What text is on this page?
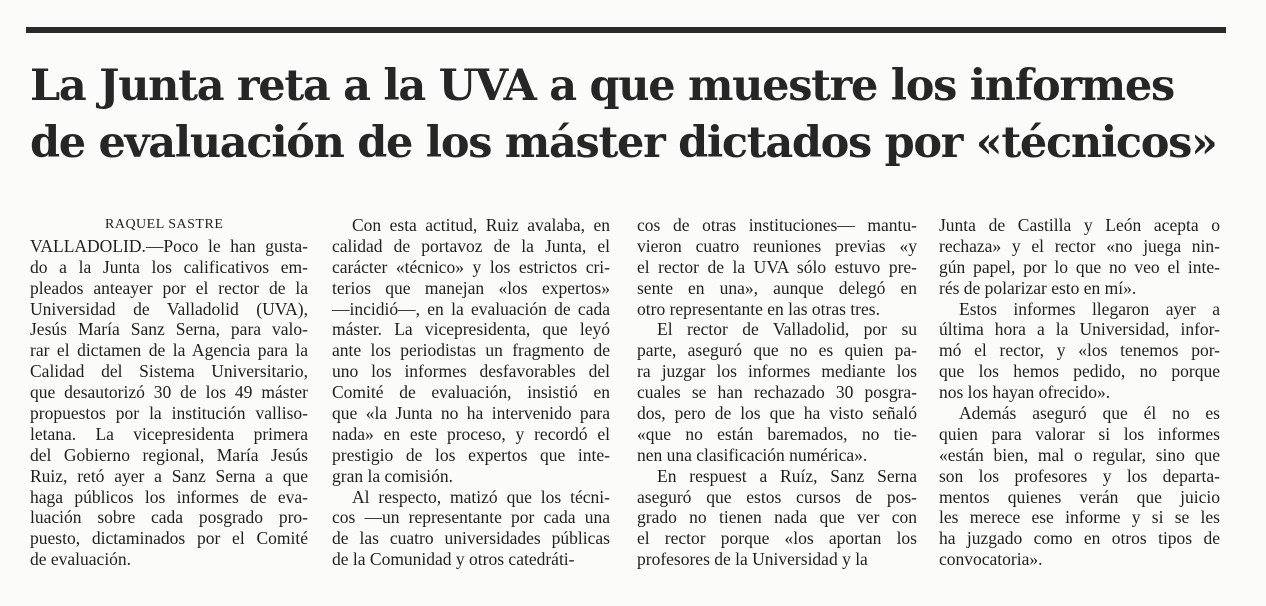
La Junta reta a la UVA a que muestre los informes
de evaluación de los máster dictados por «técnicos»
RAQUEL SASTRE
VALLADOLID.—Poco le han gusta-
do a la Junta los calificativos em-
pleados anteayer por el rector de la
Universidad de Valladolid (UVA),
Jesús María Sanz Serna, para valo-
rar el dictamen de la Agencia para la
Calidad del Sistema Universitario,
que desautorizó 30 de los 49 máster
propuestos por la institución valliso-
letana. La vicepresidenta primera
del Gobierno regional, María Jesús
Ruiz, retó ayer a Sanz Serna a que
haga públicos los informes de eva-
luación sobre cada posgrado pro-
puesto, dictaminados por el Comité
de evaluación.
Con esta actitud, Ruiz avalaba, en
calidad de portavoz de la Junta, el
carácter «técnico» y los estrictos cri-
terios que manejan «los expertos»
—incidió—, en la evaluación de cada
máster. La vicepresidenta, que leyó
ante los periodistas un fragmento de
uno los informes desfavorables del
Comité de evaluación, insistió en
que «la Junta no ha intervenido para
nada» en este proceso, y recordó el
prestigio de los expertos que inte-
gran la comisión.
Al respecto, matizó que los técni-
cos —un representante por cada una
de las cuatro universidades públicas
de la Comunidad y otros catedráti-
cos de otras instituciones— mantu-
vieron cuatro reuniones previas «y
el rector de la UVA sólo estuvo pre-
sente en una», aunque delegó en
otro representante en las otras tres.
El rector de Valladolid, por su
parte, aseguró que no es quien pa-
ra juzgar los informes mediante los
cuales se han rechazado 30 posgra-
dos, pero de los que ha visto señaló
«que no están baremados, no tie-
nen una clasificación numérica».
En respuest a Ruíz, Sanz Serna
aseguró que estos cursos de pos-
grado no tienen nada que ver con
el rector porque «los aportan los
profesores de la Universidad y la
Junta de Castilla y León acepta o
rechaza» y el rector «no juega nin-
gún papel, por lo que no veo el inte-
rés de polarizar esto en mí».
Estos informes llegaron ayer a
última hora a la Universidad, infor-
mó el rector, y «los tenemos por-
que los hemos pedido, no porque
nos los hayan ofrecido».
Además aseguró que él no es
quien para valorar si los informes
«están bien, mal o regular, sino que
son los profesores y los departa-
mentos quienes verán que juicio
les merece ese informe y si se les
ha juzgado como en otros tipos de
convocatoria».
